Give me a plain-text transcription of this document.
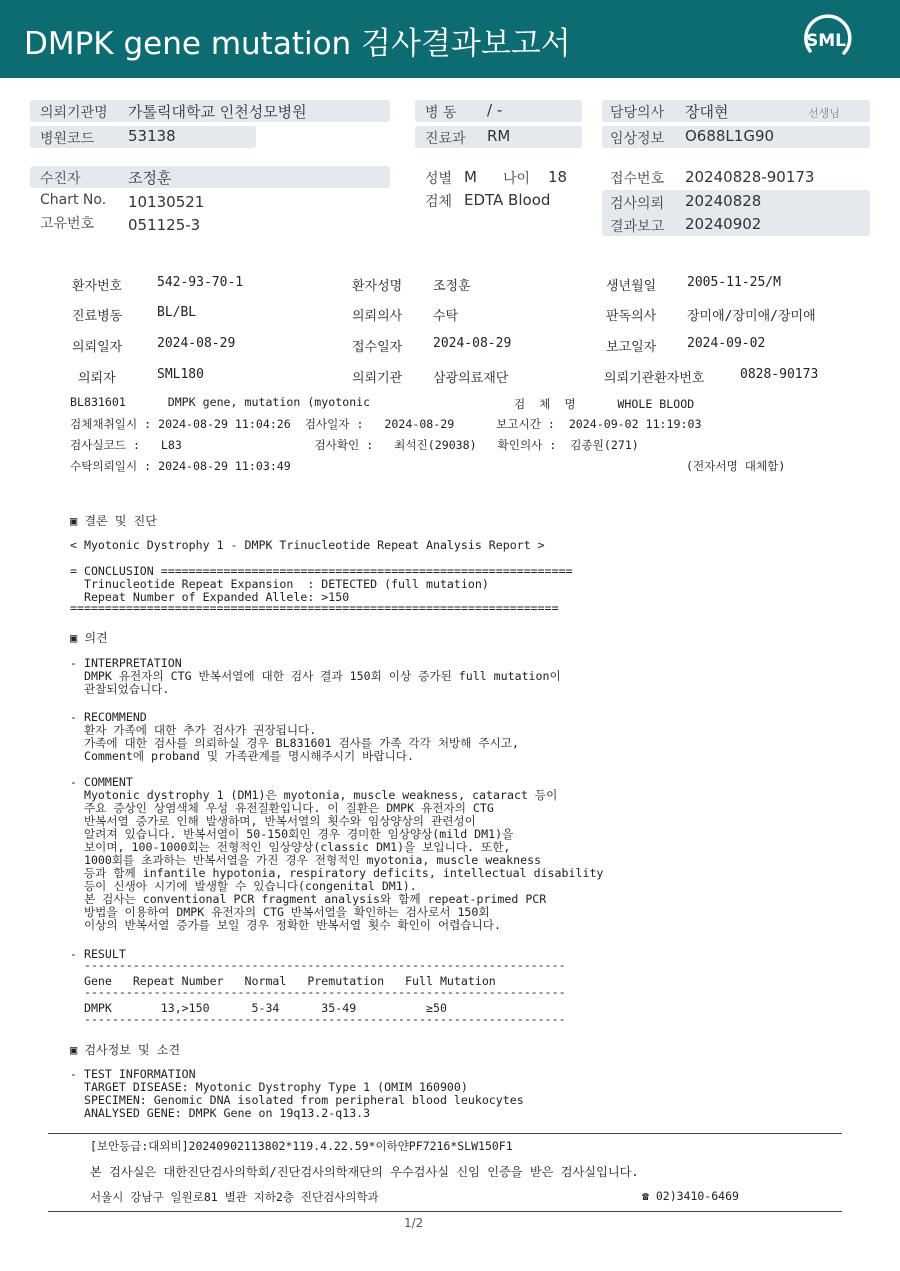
DMPK gene mutation 검사결과보고서	SML
의뢰기관명 가톨릭대학교 인천성모병원
병원코드 53138
병 동 / -
진료과 RM
담당의사 장대현	선생님
임상정보 O688L1G90
수진자	조정훈
Chart No. 10130521
고유번호 051125-3
성별 M 나이 18
검체 EDTA Blood
접수번호 20240828-90173
검사의뢰 20240828
결과보고 20240902
환자번호	542-93-70-1	환자성명 조정훈	생년월일 2005-11-25/M
진료병동	BL/BL	의뢰의사 수탁	판독의사 장미애/장미애/장미애
의뢰일자	2024-08-29	접수일자 2024-08-29	보고일자 2024-09-02
의뢰자	SML180	의뢰기관 삼광의료재단	의뢰기관환자번호	0828-90173
BL831601      DMPK gene, mutation (myotonic	검  체  명      WHOLE BLOOD
검체채취일시 : 2024-08-29 11:04:26  검사일자 :   2024-08-29      보고시간 :  2024-09-02 11:19:03
검사실코드 :   L83                   검사확인 :   최석진(29038)   확인의사 :  김종원(271)
수탁의뢰일시 : 2024-08-29 11:03:49	(전자서명 대체함)
▣ 결론 및 진단
< Myotonic Dystrophy 1 - DMPK Trinucleotide Repeat Analysis Report >
= CONCLUSION ===========================================================
Trinucleotide Repeat Expansion  : DETECTED (full mutation)
Repeat Number of Expanded Allele: >150
======================================================================
▣ 의견
- INTERPRETATION
DMPK 유전자의 CTG 반복서열에 대한 검사 결과 150회 이상 증가된 full mutation이
관찰되었습니다.
- RECOMMEND
환자 가족에 대한 추가 검사가 권장됩니다.
가족에 대한 검사를 의뢰하실 경우 BL831601 검사를 가족 각각 처방해 주시고,
Comment에 proband 및 가족관계를 명시해주시기 바랍니다.
- COMMENT
Myotonic dystrophy 1 (DM1)은 myotonia, muscle weakness, cataract 등이
주요 증상인 상염색체 우성 유전질환입니다. 이 질환은 DMPK 유전자의 CTG
반복서열 증가로 인해 발생하며, 반복서열의 횟수와 임상양상의 관련성이
알려져 있습니다. 반복서열이 50-150회인 경우 경미한 임상양상(mild DM1)을
보이며, 100-1000회는 전형적인 임상양상(classic DM1)을 보입니다. 또한,
1000회를 초과하는 반복서열을 가진 경우 전형적인 myotonia, muscle weakness
등과 함께 infantile hypotonia, respiratory deficits, intellectual disability
등이 신생아 시기에 발생할 수 있습니다(congenital DM1).
본 검사는 conventional PCR fragment analysis와 함께 repeat-primed PCR
방법을 이용하여 DMPK 유전자의 CTG 반복서열을 확인하는 검사로서 150회
이상의 반복서열 증가를 보일 경우 정확한 반복서열 횟수 확인이 어렵습니다.
- RESULT
---------------------------------------------------------------------
Gene   Repeat Number   Normal   Premutation   Full Mutation
---------------------------------------------------------------------
DMPK       13,>150      5-34      35-49          ≥50
---------------------------------------------------------------------
▣ 검사정보 및 소견
- TEST INFORMATION
TARGET DISEASE: Myotonic Dystrophy Type 1 (OMIM 160900)
SPECIMEN: Genomic DNA isolated from peripheral blood leukocytes
ANALYSED GENE: DMPK Gene on 19q13.2-q13.3
[보안등급:대외비]20240902113802*119.4.22.59*이하얀PF7216*SLW150F1
본 검사실은 대한진단검사의학회/진단검사의학재단의 우수검사실 신임 인증을 받은 검사실입니다.
서울시 강남구 일원로81 별관 지하2층 진단검사의학과	☎ 02)3410-6469
1/2
